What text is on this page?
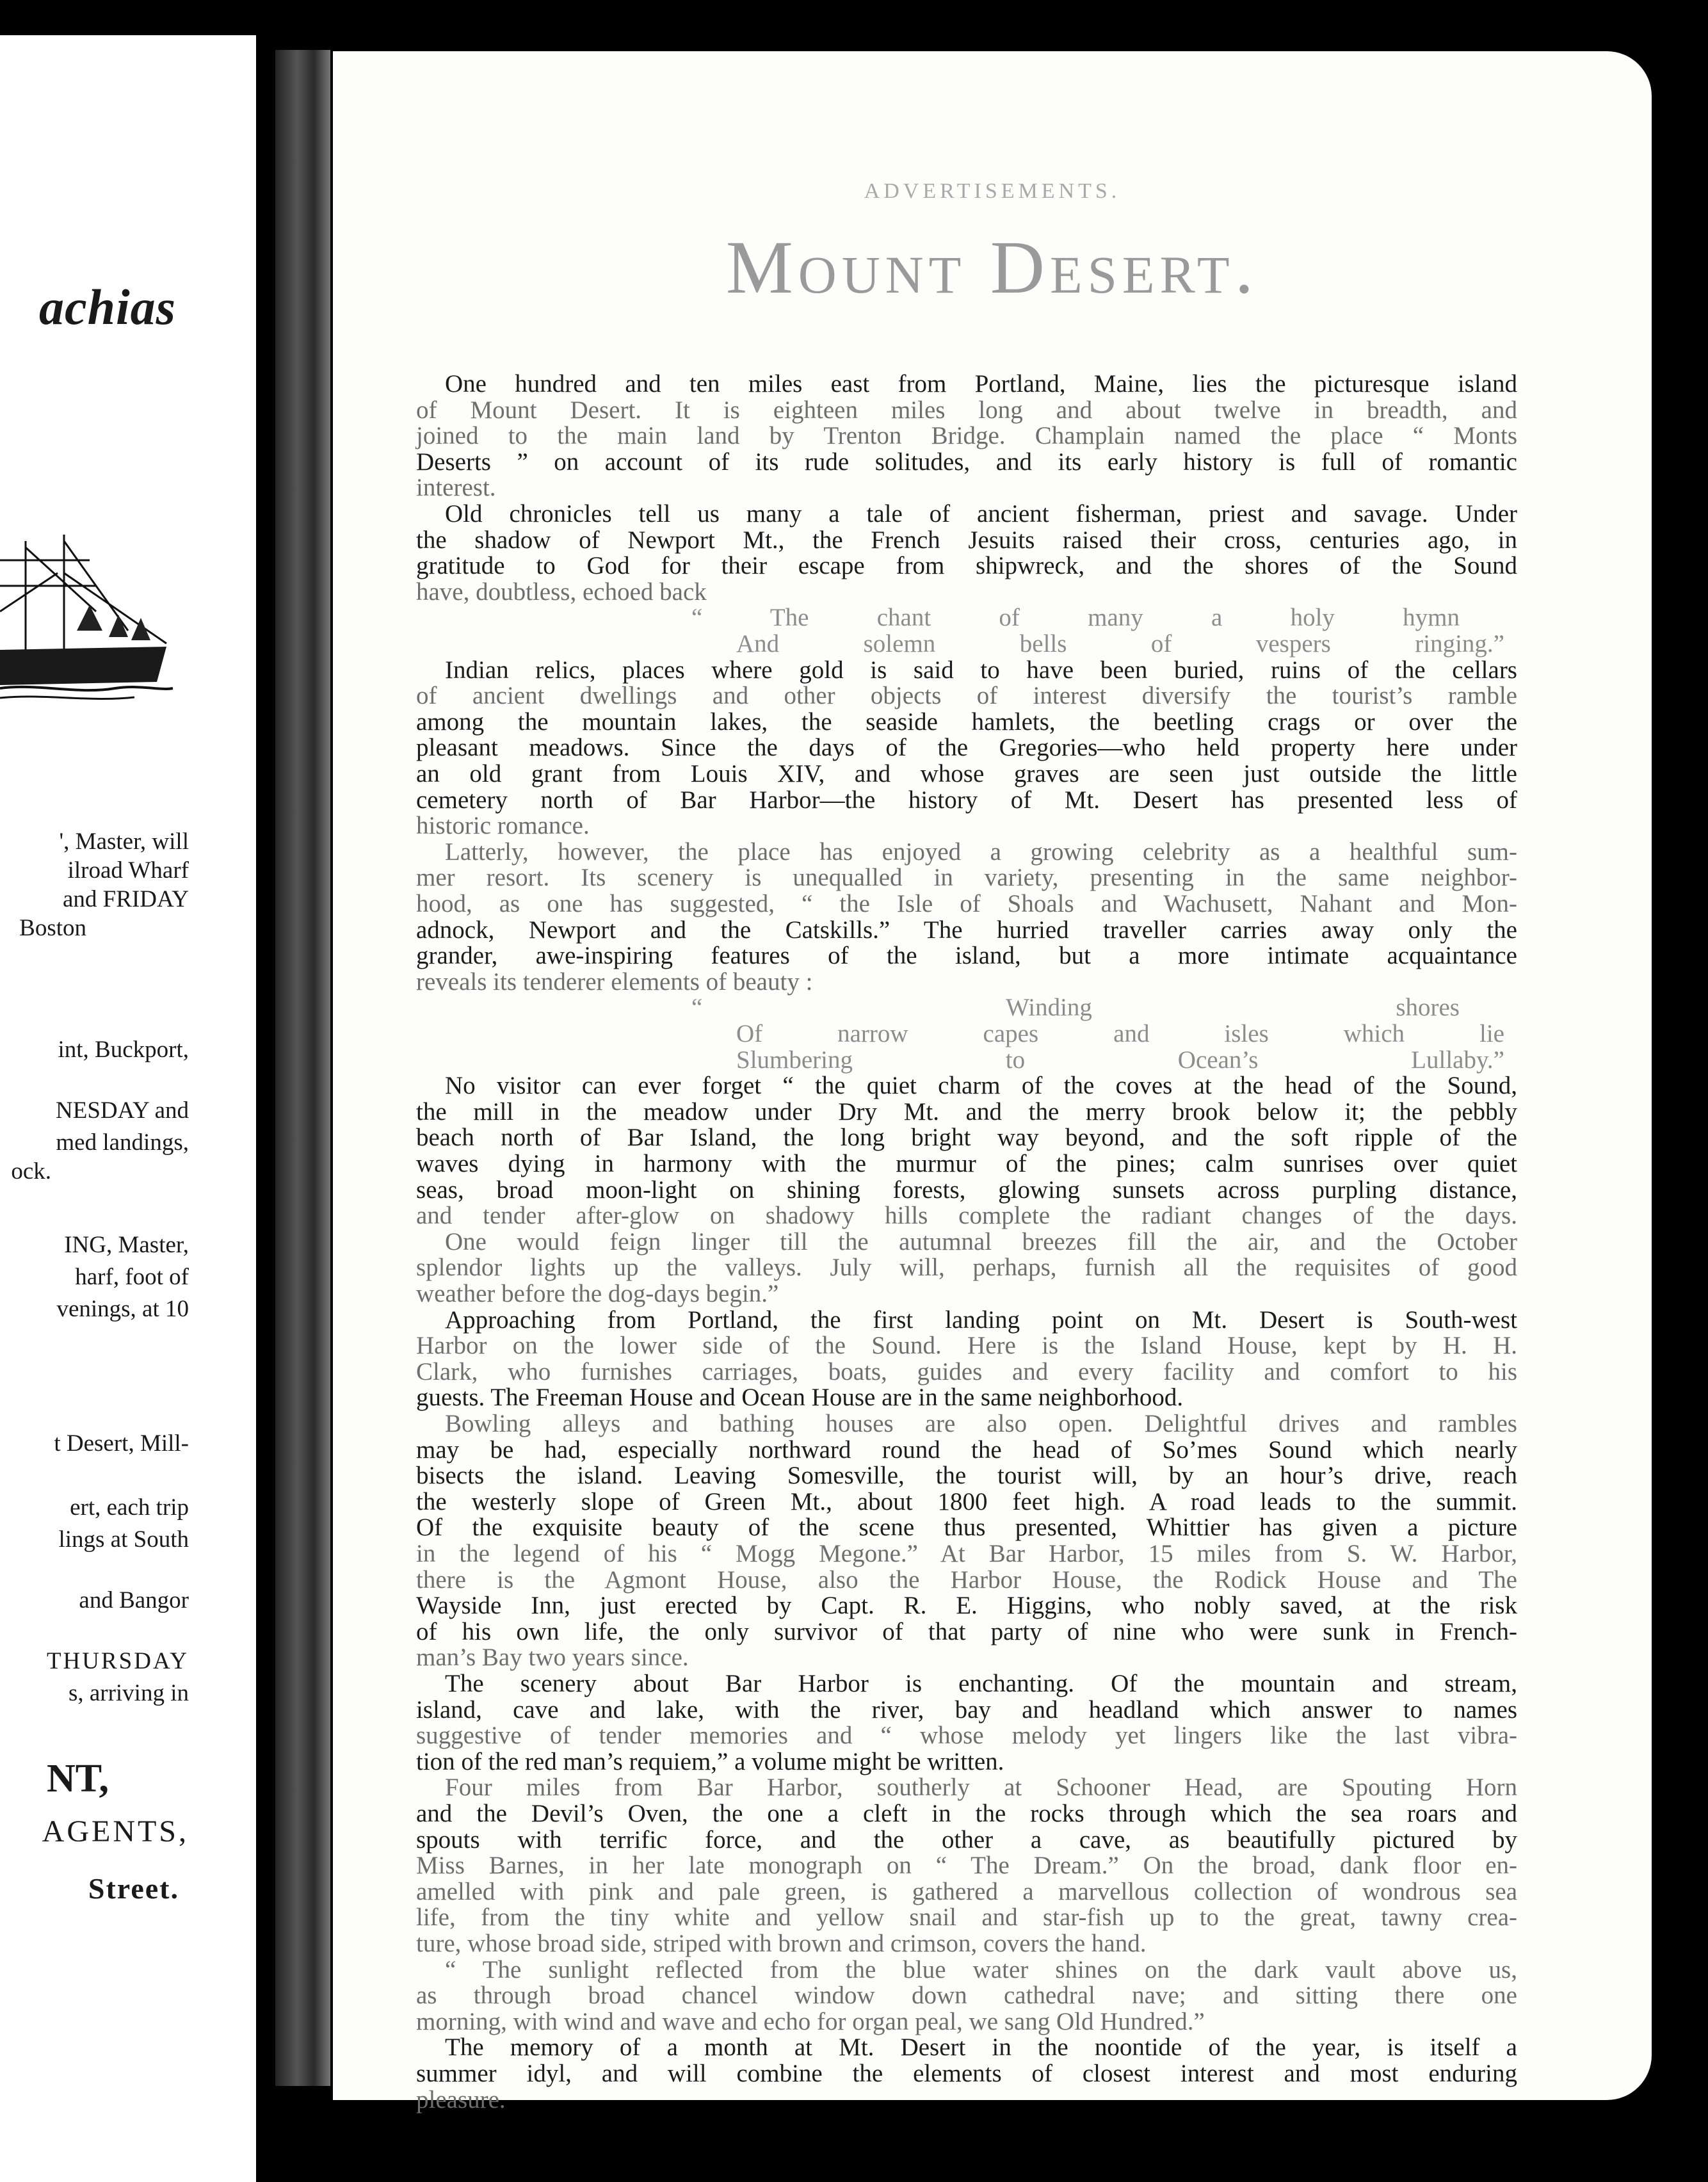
achias
', Master, will
ilroad Wharf
and FRIDAY
Boston
int, Buckport,
NESDAY and
med landings,
ock.
ING, Master,
harf, foot of
venings, at 10
t Desert, Mill-
ert, each trip
lings at South
and Bangor
THURSDAY
s, arriving in
NT,
AGENTS,
Street.
ADVERTISEMENTS.
Mount Desert.
One hundred and ten miles east from Portland, Maine, lies the picturesque island
of Mount Desert. It is eighteen miles long and about twelve in breadth, and
joined to the main land by Trenton Bridge. Champlain named the place “ Monts
Deserts ” on account of its rude solitudes, and its early history is full of romantic
interest.
Old chronicles tell us many a tale of ancient fisherman, priest and savage. Under
the shadow of Newport Mt., the French Jesuits raised their cross, centuries ago, in
gratitude to God for their escape from shipwreck, and the shores of the Sound
have, doubtless, echoed back
“ The chant of many a holy hymn
And solemn bells of vespers ringing.”
Indian relics, places where gold is said to have been buried, ruins of the cellars
of ancient dwellings and other objects of interest diversify the tourist’s ramble
among the mountain lakes, the seaside hamlets, the beetling crags or over the
pleasant meadows. Since the days of the Gregories—who held property here under
an old grant from Louis XIV, and whose graves are seen just outside the little
cemetery north of Bar Harbor—the history of Mt. Desert has presented less of
historic romance.
Latterly, however, the place has enjoyed a growing celebrity as a healthful sum-
mer resort. Its scenery is unequalled in variety, presenting in the same neighbor-
hood, as one has suggested, “ the Isle of Shoals and Wachusett, Nahant and Mon-
adnock, Newport and the Catskills.” The hurried traveller carries away only the
grander, awe-inspiring features of the island, but a more intimate acquaintance
reveals its tenderer elements of beauty :
“ Winding shores
Of narrow capes and isles which lie
Slumbering to Ocean’s Lullaby.”
No visitor can ever forget “ the quiet charm of the coves at the head of the Sound,
the mill in the meadow under Dry Mt. and the merry brook below it; the pebbly
beach north of Bar Island, the long bright way beyond, and the soft ripple of the
waves dying in harmony with the murmur of the pines; calm sunrises over quiet
seas, broad moon-light on shining forests, glowing sunsets across purpling distance,
and tender after-glow on shadowy hills complete the radiant changes of the days.
One would feign linger till the autumnal breezes fill the air, and the October
splendor lights up the valleys. July will, perhaps, furnish all the requisites of good
weather before the dog-days begin.”
Approaching from Portland, the first landing point on Mt. Desert is South-west
Harbor on the lower side of the Sound. Here is the Island House, kept by H. H.
Clark, who furnishes carriages, boats, guides and every facility and comfort to his
guests. The Freeman House and Ocean House are in the same neighborhood.
Bowling alleys and bathing houses are also open. Delightful drives and rambles
may be had, especially northward round the head of So’mes Sound which nearly
bisects the island. Leaving Somesville, the tourist will, by an hour’s drive, reach
the westerly slope of Green Mt., about 1800 feet high. A road leads to the summit.
Of the exquisite beauty of the scene thus presented, Whittier has given a picture
in the legend of his “ Mogg Megone.” At Bar Harbor, 15 miles from S. W. Harbor,
there is the Agmont House, also the Harbor House, the Rodick House and The
Wayside Inn, just erected by Capt. R. E. Higgins, who nobly saved, at the risk
of his own life, the only survivor of that party of nine who were sunk in French-
man’s Bay two years since.
The scenery about Bar Harbor is enchanting. Of the mountain and stream,
island, cave and lake, with the river, bay and headland which answer to names
suggestive of tender memories and “ whose melody yet lingers like the last vibra-
tion of the red man’s requiem,” a volume might be written.
Four miles from Bar Harbor, southerly at Schooner Head, are Spouting Horn
and the Devil’s Oven, the one a cleft in the rocks through which the sea roars and
spouts with terrific force, and the other a cave, as beautifully pictured by
Miss Barnes, in her late monograph on “ The Dream.” On the broad, dank floor en-
amelled with pink and pale green, is gathered a marvellous collection of wondrous sea
life, from the tiny white and yellow snail and star-fish up to the great, tawny crea-
ture, whose broad side, striped with brown and crimson, covers the hand.
“ The sunlight reflected from the blue water shines on the dark vault above us,
as through broad chancel window down cathedral nave; and sitting there one
morning, with wind and wave and echo for organ peal, we sang Old Hundred.”
The memory of a month at Mt. Desert in the noontide of the year, is itself a
summer idyl, and will combine the elements of closest interest and most enduring
pleasure.
